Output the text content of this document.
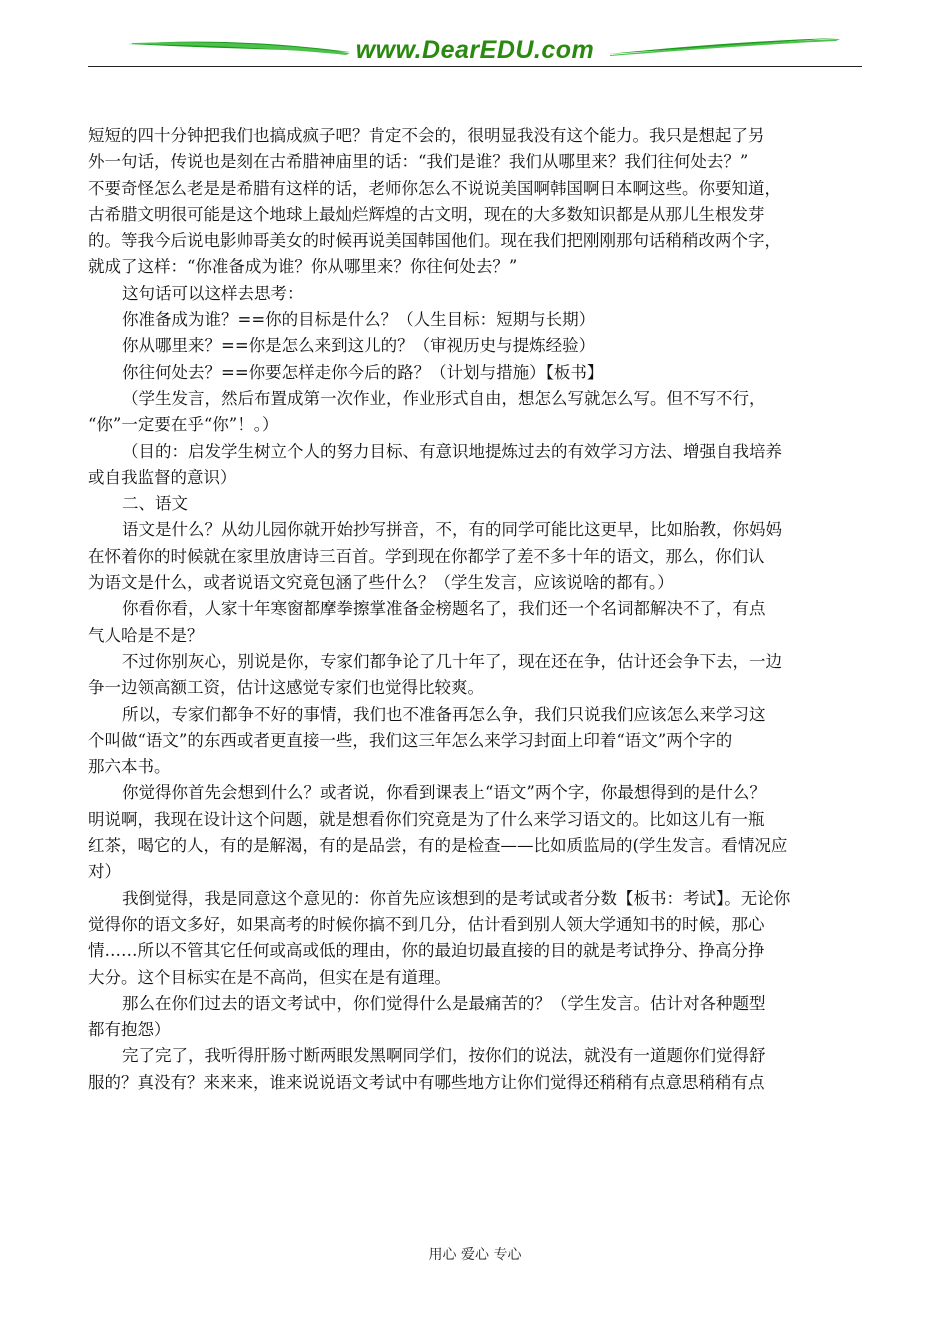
www.DearEDU.com
短短的四十分钟把我们也搞成疯子吧？肯定不会的，很明显我没有这个能力。我只是想起了另
外一句话，传说也是刻在古希腊神庙里的话：“我们是谁？我们从哪里来？我们往何处去？”
不要奇怪怎么老是是希腊有这样的话，老师你怎么不说说美国啊韩国啊日本啊这些。你要知道，
古希腊文明很可能是这个地球上最灿烂辉煌的古文明，现在的大多数知识都是从那儿生根发芽
的。等我今后说电影帅哥美女的时候再说美国韩国他们。现在我们把刚刚那句话稍稍改两个字，
就成了这样：“你准备成为谁？你从哪里来？你往何处去？”
这句话可以这样去思考：
你准备成为谁？==你的目标是什么？（人生目标：短期与长期）
你从哪里来？==你是怎么来到这儿的？（审视历史与提炼经验）
你往何处去？==你要怎样走你今后的路？（计划与措施）【板书】
（学生发言，然后布置成第一次作业，作业形式自由，想怎么写就怎么写。但不写不行，
“你”一定要在乎“你”！。）
（目的：启发学生树立个人的努力目标、有意识地提炼过去的有效学习方法、增强自我培养
或自我监督的意识）
二、语文
语文是什么？从幼儿园你就开始抄写拼音，不，有的同学可能比这更早，比如胎教，你妈妈
在怀着你的时候就在家里放唐诗三百首。学到现在你都学了差不多十年的语文，那么，你们认
为语文是什么，或者说语文究竟包涵了些什么？（学生发言，应该说啥的都有。）
你看你看，人家十年寒窗都摩拳擦掌准备金榜题名了，我们还一个名词都解决不了，有点
气人哈是不是？
不过你别灰心，别说是你，专家们都争论了几十年了，现在还在争，估计还会争下去，一边
争一边领高额工资，估计这感觉专家们也觉得比较爽。
所以，专家们都争不好的事情，我们也不准备再怎么争，我们只说我们应该怎么来学习这
个叫做“语文”的东西或者更直接一些，我们这三年怎么来学习封面上印着“语文”两个字的
那六本书。
你觉得你首先会想到什么？或者说，你看到课表上“语文”两个字，你最想得到的是什么？
明说啊，我现在设计这个问题，就是想看你们究竟是为了什么来学习语文的。比如这儿有一瓶
红茶，喝它的人，有的是解渴，有的是品尝，有的是检查——比如质监局的(学生发言。看情况应
对）
我倒觉得，我是同意这个意见的：你首先应该想到的是考试或者分数【板书：考试】。无论你
觉得你的语文多好，如果高考的时候你搞不到几分，估计看到别人领大学通知书的时候，那心
情……所以不管其它任何或高或低的理由，你的最迫切最直接的目的就是考试挣分、挣高分挣
大分。这个目标实在是不高尚，但实在是有道理。
那么在你们过去的语文考试中，你们觉得什么是最痛苦的？（学生发言。估计对各种题型
都有抱怨）
完了完了，我听得肝肠寸断两眼发黑啊同学们，按你们的说法，就没有一道题你们觉得舒
服的？真没有？来来来，谁来说说语文考试中有哪些地方让你们觉得还稍稍有点意思稍稍有点
用心 爱心 专心
